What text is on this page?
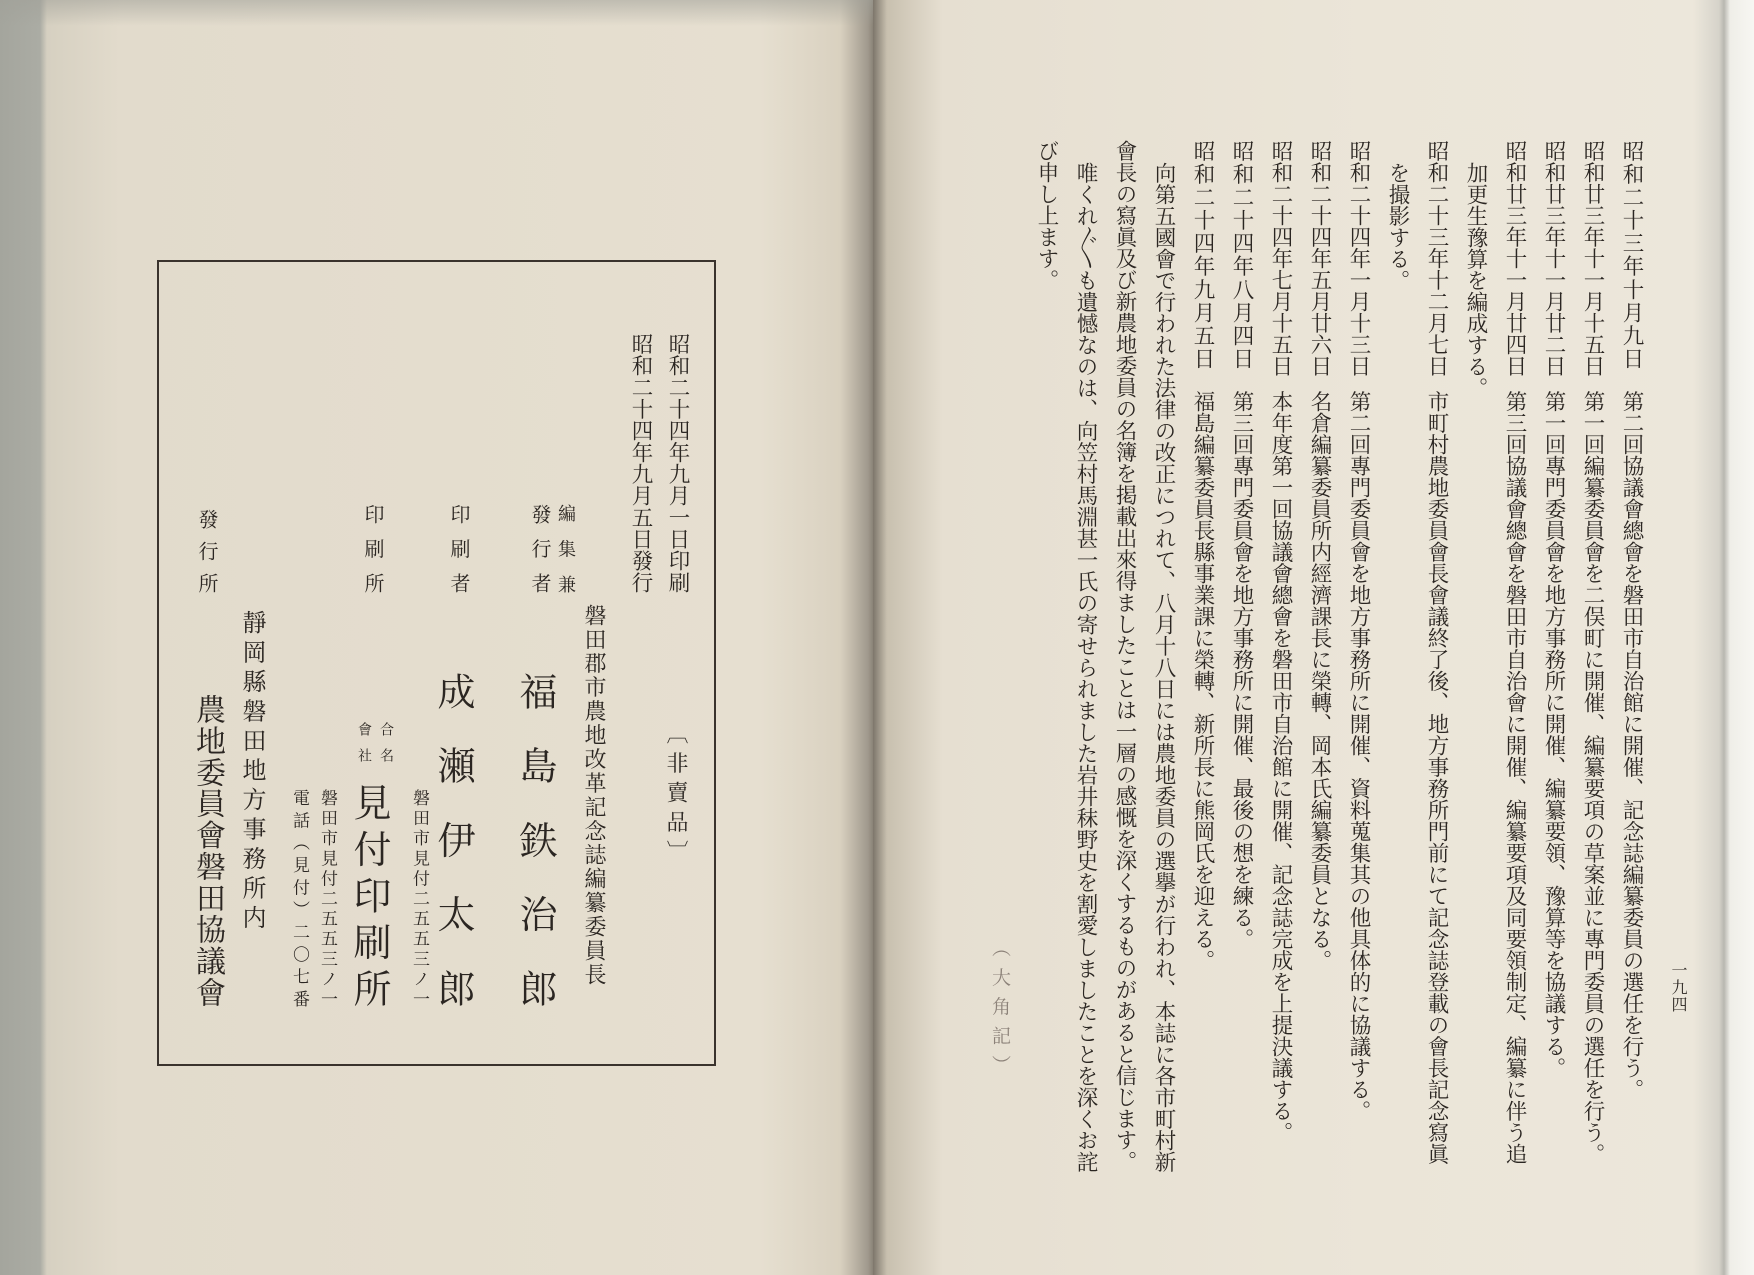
昭和二十四年九月一日印刷
昭和二十四年九月五日發行
〔非賣品〕
磐田郡市農地改革記念誌編纂委員長
編集兼
發行者
福島鉄治郎
印刷者
磐田市見付二五五三ノ一 成瀬伊太郎
印刷所
合名
會社
見付印刷所
磐田市見付二五五三ノ一
電話（見付）二〇七番
靜岡縣磐田地方事務所内
發行所
農地委員會磐田協議會
昭和二十三年十月九日第二回協議會總會を磐田市自治館に開催、記念誌編纂委員の選任を行う。
昭和廿三年十一月十五日第一回編纂委員會を二俣町に開催、編纂要項の草案並に專門委員の選任を行う。
昭和廿三年十一月廿二日第一回專門委員會を地方事務所に開催、編纂要領、豫算等を協議する。
昭和廿三年十一月廿四日第三回協議會總會を磐田市自治會に開催、編纂要項及同要領制定、編纂に伴う追
加更生豫算を編成する。
昭和二十三年十二月七日市町村農地委員會長會議終了後、地方事務所門前にて記念誌登載の會長記念寫眞
を撮影する。
昭和二十四年一月十三日第二回專門委員會を地方事務所に開催、資料蒐集其の他具体的に協議する。
昭和二十四年五月廿六日名倉編纂委員所内經濟課長に榮轉、岡本氏編纂委員となる。
昭和二十四年七月十五日本年度第一回協議會總會を磐田市自治館に開催、記念誌完成を上提決議する。
昭和二十四年八月四日第三回專門委員會を地方事務所に開催、最後の想を練る。
昭和二十四年九月五日福島編纂委員長縣事業課に榮轉、新所長に熊岡氏を迎える。
向第五國會で行われた法律の改正につれて、八月十八日には農地委員の選擧が行われ、本誌に各市町村新
會長の寫眞及び新農地委員の名簿を掲載出來得ましたことは一層の感慨を深くするものがあると信じます。
唯くれ〴〵も遺憾なのは、向笠村馬淵甚一氏の寄せられました岩井秣野史を割愛しましたことを深くお詫
び申し上ます。
一九四
（大角記）
